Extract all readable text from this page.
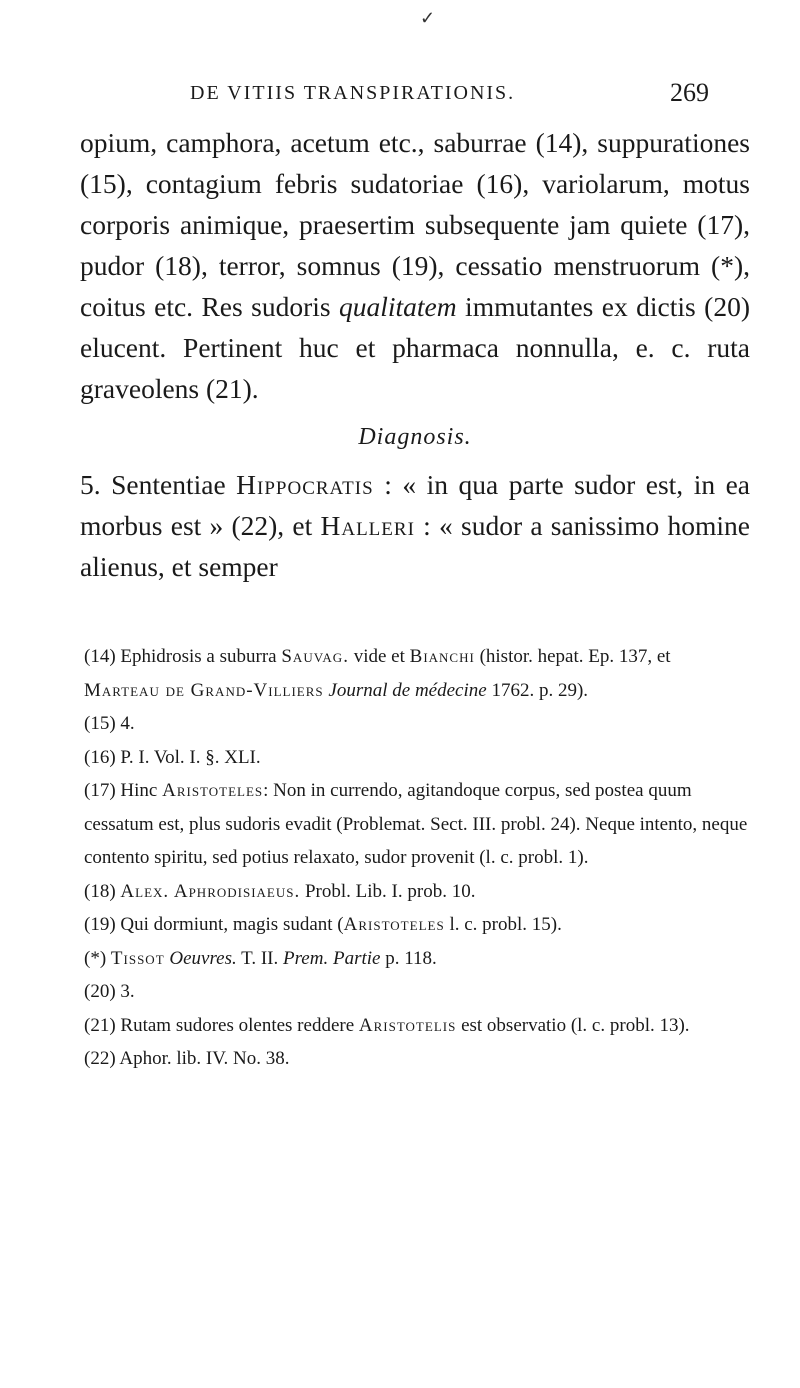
✓
DE VITIIS TRANSPIRATIONIS.	269

opium, camphora, acetum etc., saburrae (14), suppurationes (15), contagium febris sudatoriae (16), variolarum, motus corporis animique, praesertim subsequente jam quiete (17), pudor (18), terror, somnus (19), cessatio menstruorum (*), coitus etc. Res sudoris qualitatem immutantes ex dictis (20) elucent. Pertinent huc et pharmaca nonnulla, e. c. ruta graveolens (21).

Diagnosis.

5. Sententiae Hippocratis : « in qua parte sudor est, in ea morbus est » (22), et Halleri : « sudor a sanissimo homine alienus, et semper

(14) Ephidrosis a suburra Sauvag. vide et Bianchi (histor. hepat. Ep. 137, et Marteau de Grand-Villiers Journal de médecine 1762. p. 29).

(15) 4.

(16) P. I. Vol. I. §. XLI.

(17) Hinc Aristoteles: Non in currendo, agitandoque corpus, sed postea quum cessatum est, plus sudoris evadit (Problemat. Sect. III. probl. 24). Neque intento, neque contento spiritu, sed potius relaxato, sudor provenit (l. c. probl. 1).

(18) Alex. Aphrodisiaeus. Probl. Lib. I. prob. 10.

(19) Qui dormiunt, magis sudant (Aristoteles l. c. probl. 15).

(*) Tissot Oeuvres. T. II. Prem. Partie p. 118.

(20) 3.

(21) Rutam sudores olentes reddere Aristotelis est observatio (l. c. probl. 13).

(22) Aphor. lib. IV. No. 38.
